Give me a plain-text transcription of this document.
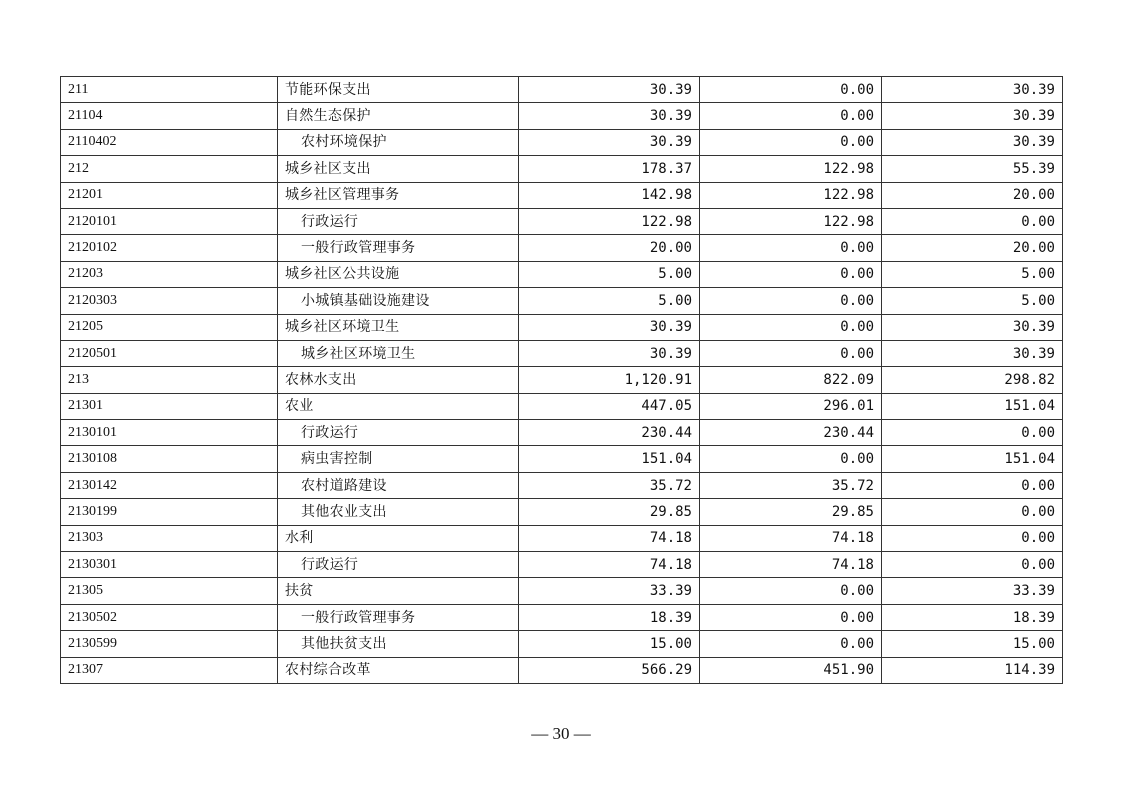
211	节能环保支出	30.39	0.00	30.39
21104	自然生态保护	30.39	0.00	30.39
2110402	农村环境保护	30.39	0.00	30.39
212	城乡社区支出	178.37	122.98	55.39
21201	城乡社区管理事务	142.98	122.98	20.00
2120101	行政运行	122.98	122.98	0.00
2120102	一般行政管理事务	20.00	0.00	20.00
21203	城乡社区公共设施	5.00	0.00	5.00
2120303	小城镇基础设施建设	5.00	0.00	5.00
21205	城乡社区环境卫生	30.39	0.00	30.39
2120501	城乡社区环境卫生	30.39	0.00	30.39
213	农林水支出	1,120.91	822.09	298.82
21301	农业	447.05	296.01	151.04
2130101	行政运行	230.44	230.44	0.00
2130108	病虫害控制	151.04	0.00	151.04
2130142	农村道路建设	35.72	35.72	0.00
2130199	其他农业支出	29.85	29.85	0.00
21303	水利	74.18	74.18	0.00
2130301	行政运行	74.18	74.18	0.00
21305	扶贫	33.39	0.00	33.39
2130502	一般行政管理事务	18.39	0.00	18.39
2130599	其他扶贫支出	15.00	0.00	15.00
21307	农村综合改革	566.29	451.90	114.39
— 30 —
